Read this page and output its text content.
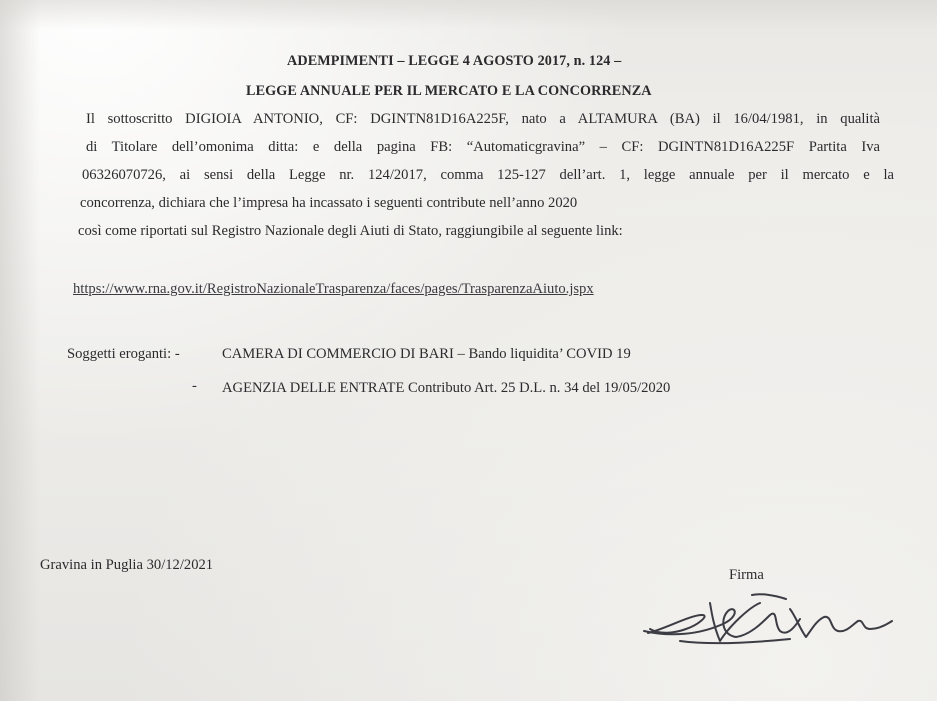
ADEMPIMENTI – LEGGE 4 AGOSTO 2017, n. 124 –
LEGGE ANNUALE PER IL MERCATO E LA CONCORRENZA
Il sottoscritto DIGIOIA ANTONIO, CF: DGINTN81D16A225F, nato a ALTAMURA (BA) il 16/04/1981, in qualità
di Titolare dell’omonima ditta: e della pagina FB: “Automaticgravina” – CF: DGINTN81D16A225F Partita Iva
06326070726, ai sensi della Legge nr. 124/2017, comma 125-127 dell’art. 1, legge annuale per il mercato e la
concorrenza, dichiara che l’impresa ha incassato i seguenti contribute nell’anno 2020
così come riportati sul Registro Nazionale degli Aiuti di Stato, raggiungibile al seguente link:
https://www.rna.gov.it/RegistroNazionaleTrasparenza/faces/pages/TrasparenzaAiuto.jspx
Soggetti eroganti: -	CAMERA DI COMMERCIO DI BARI – Bando liquidita’ COVID 19
- AGENZIA DELLE ENTRATE Contributo Art. 25 D.L. n. 34 del 19/05/2020
Gravina in Puglia 30/12/2021
Firma
